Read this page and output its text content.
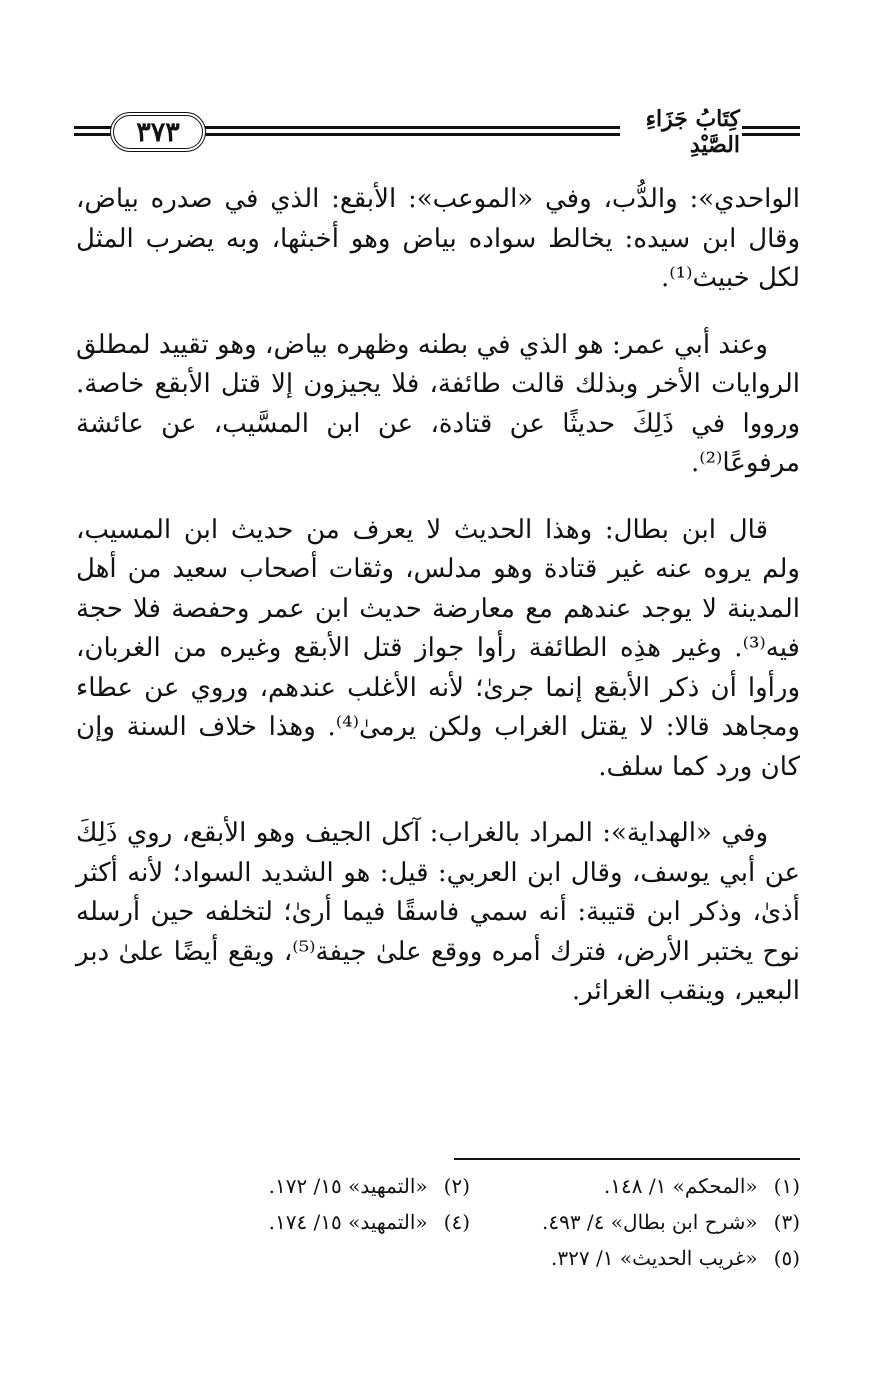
٣٧٣	كِتَابُ جَزَاءِ الصَّيْدِ

الواحدي»: والدُّب، وفي «الموعب»: الأبقع: الذي في صدره بياض، وقال ابن سيده: يخالط سواده بياض وهو أخبثها، وبه يضرب المثل لكل خبيث⁽¹⁾.

وعند أبي عمر: هو الذي في بطنه وظهره بياض، وهو تقييد لمطلق الروايات الأخر وبذلك قالت طائفة، فلا يجيزون إلا قتل الأبقع خاصة. ورووا في ذَلِكَ حديثًا عن قتادة، عن ابن المسَّيب، عن عائشة مرفوعًا⁽²⁾.

قال ابن بطال: وهذا الحديث لا يعرف من حديث ابن المسيب، ولم يروه عنه غير قتادة وهو مدلس، وثقات أصحاب سعيد من أهل المدينة لا يوجد عندهم مع معارضة حديث ابن عمر وحفصة فلا حجة فيه⁽³⁾. وغير هذِه الطائفة رأوا جواز قتل الأبقع وغيره من الغربان، ورأوا أن ذكر الأبقع إنما جرىٰ؛ لأنه الأغلب عندهم، وروي عن عطاء ومجاهد قالا: لا يقتل الغراب ولكن يرمىٰ⁽⁴⁾. وهذا خلاف السنة وإن كان ورد كما سلف.

وفي «الهداية»: المراد بالغراب: آكل الجيف وهو الأبقع، روي ذَلِكَ عن أبي يوسف، وقال ابن العربي: قيل: هو الشديد السواد؛ لأنه أكثر أذىٰ، وذكر ابن قتيبة: أنه سمي فاسقًا فيما أرىٰ؛ لتخلفه حين أرسله نوح يختبر الأرض، فترك أمره ووقع علىٰ جيفة⁽⁵⁾، ويقع أيضًا علىٰ دبر البعير، وينقب الغرائر.

(١) «المحكم» ١/ ١٤٨.
(٢) «التمهيد» ١٥/ ١٧٢.
(٣) «شرح ابن بطال» ٤/ ٤٩٣.
(٤) «التمهيد» ١٥/ ١٧٤.
(٥) «غريب الحديث» ١/ ٣٢٧.
